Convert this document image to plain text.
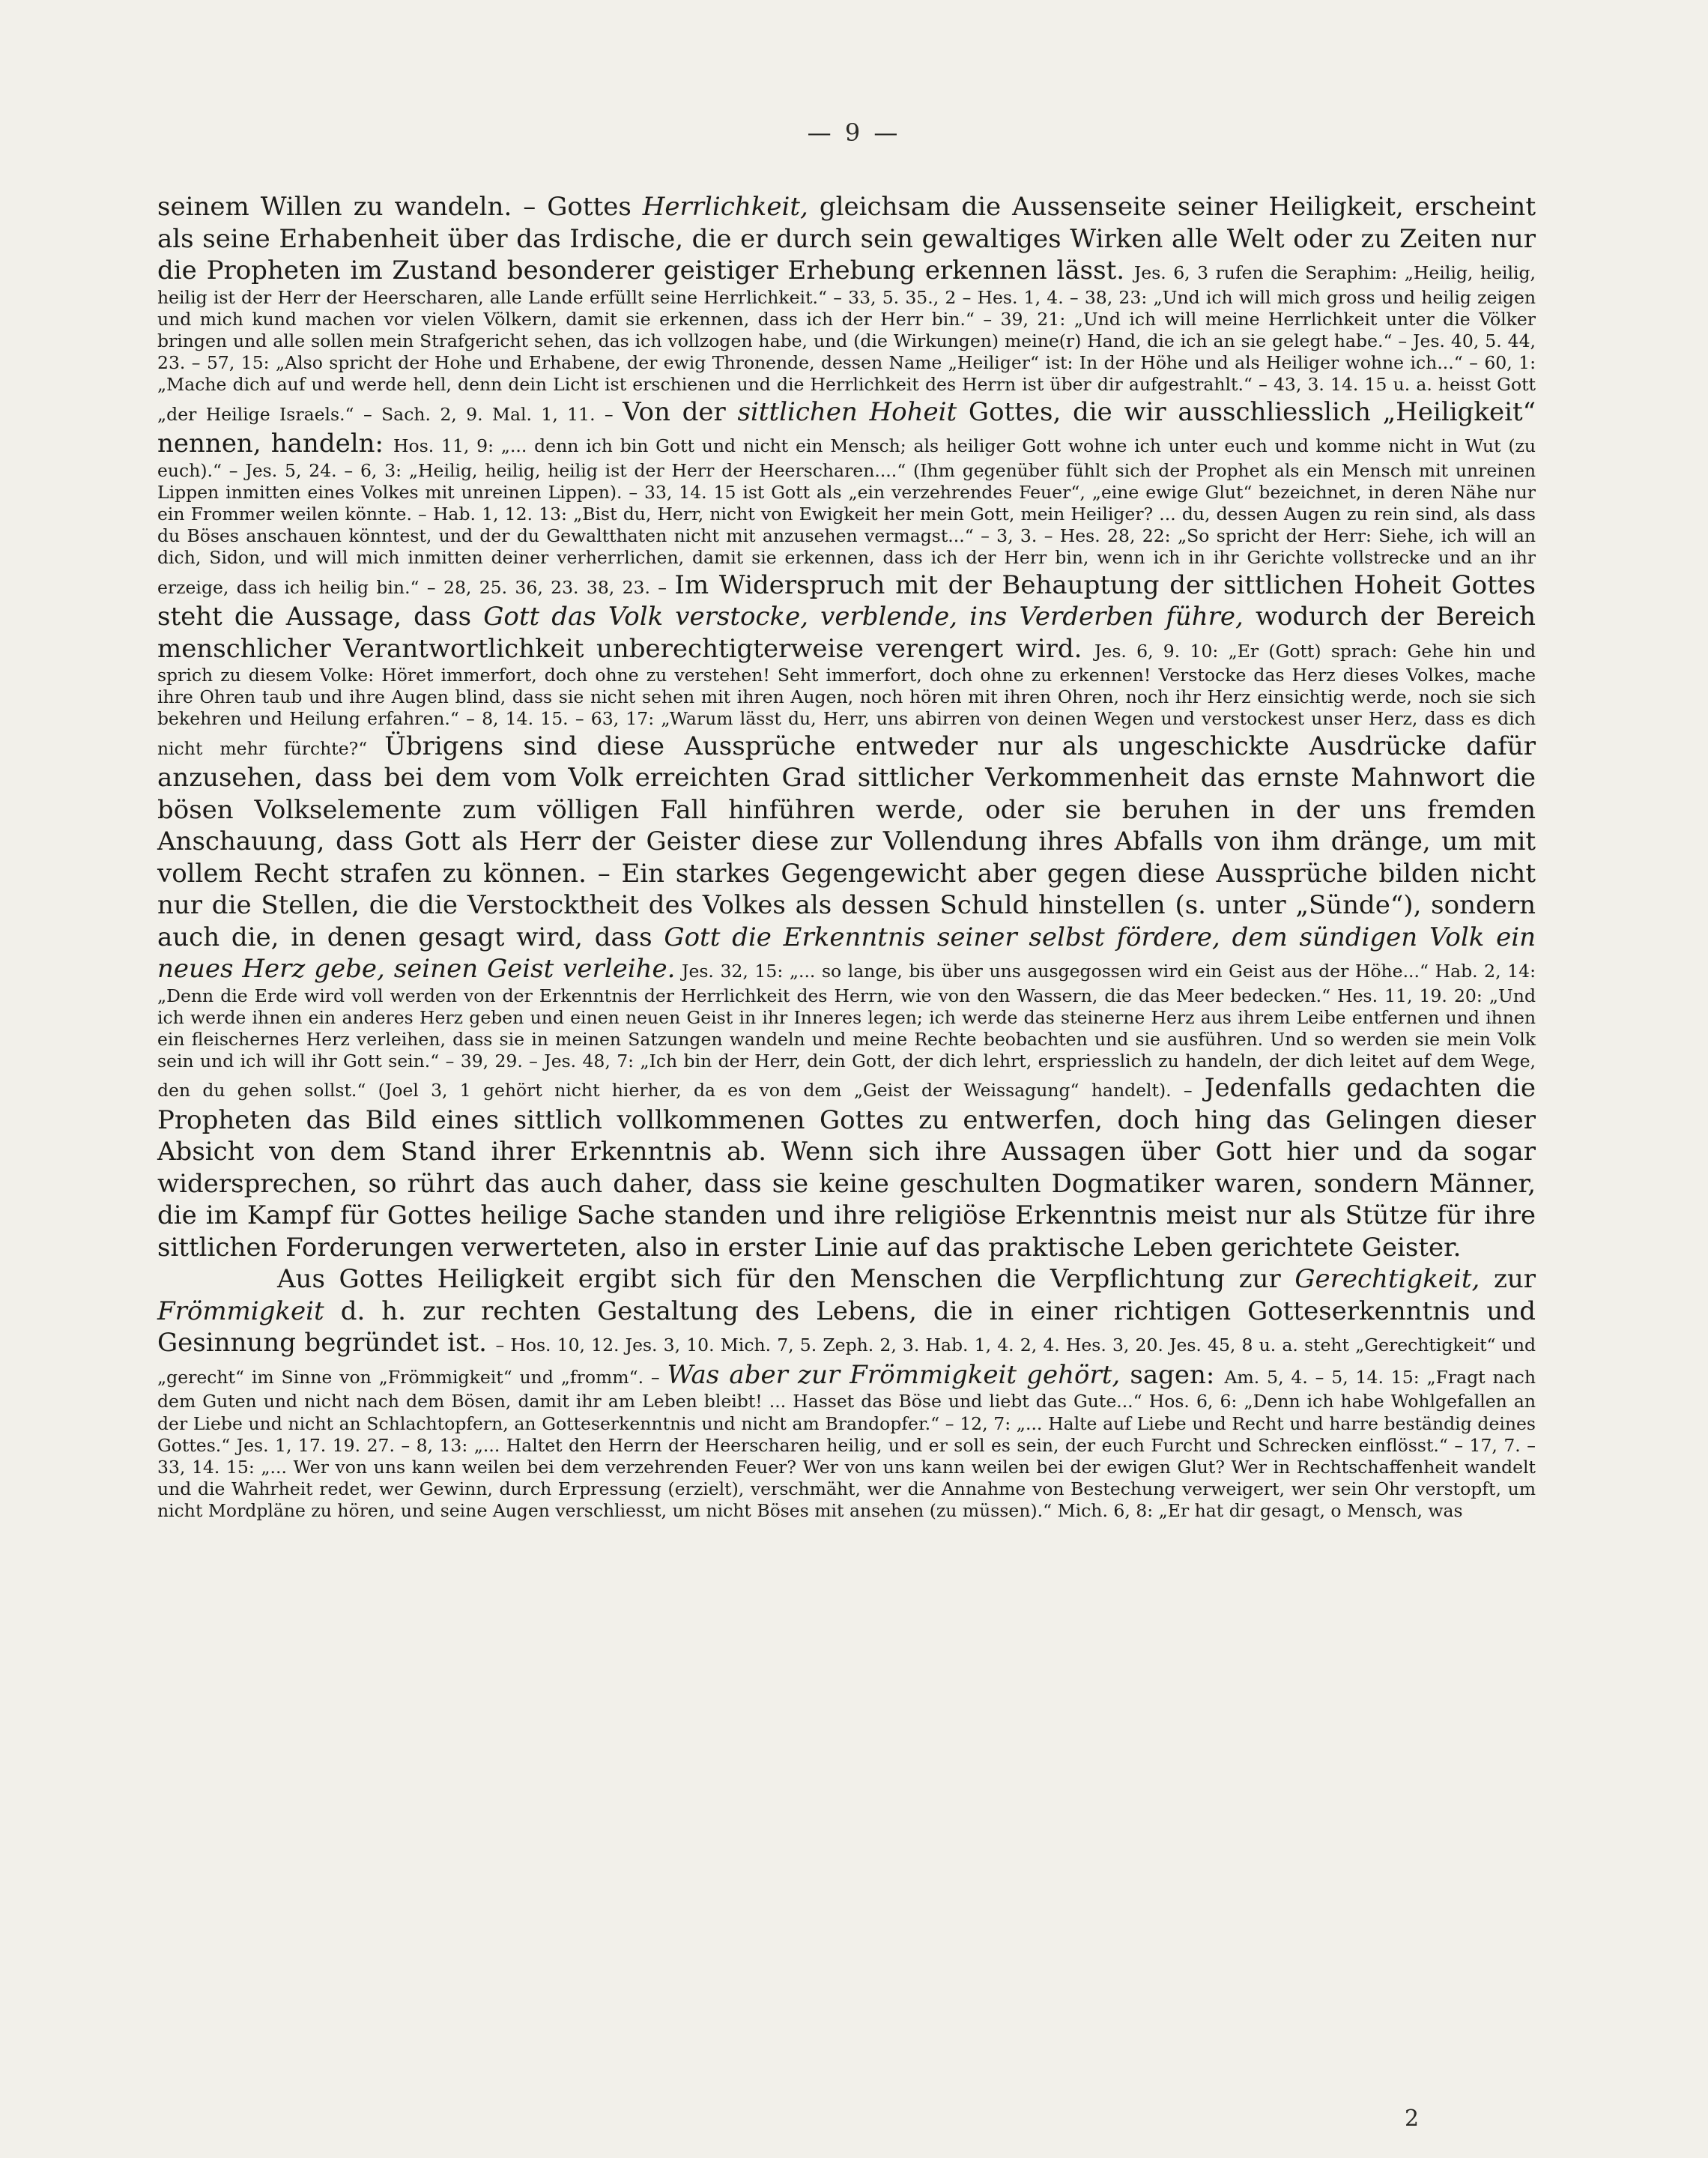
— 9 —

seinem Willen zu wandeln. – Gottes Herrlichkeit, gleichsam die Aussenseite seiner Heiligkeit, erscheint als seine Erhabenheit über das Irdische, die er durch sein gewaltiges Wirken alle Welt oder zu Zeiten nur die Propheten im Zustand besonderer geistiger Erhebung erkennen lässt. Jes. 6, 3 rufen die Seraphim: „Heilig, heilig, heilig ist der Herr der Heerscharen, alle Lande erfüllt seine Herrlichkeit.“ – 33, 5. 35., 2 – Hes. 1, 4. – 38, 23: „Und ich will mich gross und heilig zeigen und mich kund machen vor vielen Völkern, damit sie erkennen, dass ich der Herr bin.“ – 39, 21: „Und ich will meine Herrlichkeit unter die Völker bringen und alle sollen mein Strafgericht sehen, das ich vollzogen habe, und (die Wirkungen) meine(r) Hand, die ich an sie gelegt habe.“ – Jes. 40, 5. 44, 23. – 57, 15: „Also spricht der Hohe und Erhabene, der ewig Thronende, dessen Name „Heiliger“ ist: In der Höhe und als Heiliger wohne ich...“ – 60, 1: „Mache dich auf und werde hell, denn dein Licht ist erschienen und die Herrlichkeit des Herrn ist über dir aufgestrahlt.“ – 43, 3. 14. 15 u. a. heisst Gott „der Heilige Israels.“ – Sach. 2, 9. Mal. 1, 11. – Von der sittlichen Hoheit Gottes, die wir ausschliesslich „Heiligkeit“ nennen, handeln: Hos. 11, 9: „... denn ich bin Gott und nicht ein Mensch; als heiliger Gott wohne ich unter euch und komme nicht in Wut (zu euch).“ – Jes. 5, 24. – 6, 3: „Heilig, heilig, heilig ist der Herr der Heerscharen....“ (Ihm gegenüber fühlt sich der Prophet als ein Mensch mit unreinen Lippen inmitten eines Volkes mit unreinen Lippen). – 33, 14. 15 ist Gott als „ein verzehrendes Feuer“, „eine ewige Glut“ bezeichnet, in deren Nähe nur ein Frommer weilen könnte. – Hab. 1, 12. 13: „Bist du, Herr, nicht von Ewigkeit her mein Gott, mein Heiliger? ... du, dessen Augen zu rein sind, als dass du Böses anschauen könntest, und der du Gewaltthaten nicht mit anzusehen vermagst...“ – 3, 3. – Hes. 28, 22: „So spricht der Herr: Siehe, ich will an dich, Sidon, und will mich inmitten deiner verherrlichen, damit sie erkennen, dass ich der Herr bin, wenn ich in ihr Gerichte vollstrecke und an ihr erzeige, dass ich heilig bin.“ – 28, 25. 36, 23. 38, 23. – Im Widerspruch mit der Behauptung der sittlichen Hoheit Gottes steht die Aussage, dass Gott das Volk verstocke, verblende, ins Verderben führe, wodurch der Bereich menschlicher Verantwortlichkeit unberechtigterweise verengert wird. Jes. 6, 9. 10: „Er (Gott) sprach: Gehe hin und sprich zu diesem Volke: Höret immerfort, doch ohne zu verstehen! Seht immerfort, doch ohne zu erkennen! Verstocke das Herz dieses Volkes, mache ihre Ohren taub und ihre Augen blind, dass sie nicht sehen mit ihren Augen, noch hören mit ihren Ohren, noch ihr Herz einsichtig werde, noch sie sich bekehren und Heilung erfahren.“ – 8, 14. 15. – 63, 17: „Warum lässt du, Herr, uns abirren von deinen Wegen und verstockest unser Herz, dass es dich nicht mehr fürchte?“ Übrigens sind diese Aussprüche entweder nur als ungeschickte Ausdrücke dafür anzusehen, dass bei dem vom Volk erreichten Grad sittlicher Verkommenheit das ernste Mahnwort die bösen Volkselemente zum völligen Fall hinführen werde, oder sie beruhen in der uns fremden Anschauung, dass Gott als Herr der Geister diese zur Vollendung ihres Abfalls von ihm dränge, um mit vollem Recht strafen zu können. – Ein starkes Gegengewicht aber gegen diese Aussprüche bilden nicht nur die Stellen, die die Verstocktheit des Volkes als dessen Schuld hinstellen (s. unter „Sünde“), sondern auch die, in denen gesagt wird, dass Gott die Erkenntnis seiner selbst fördere, dem sündigen Volk ein neues Herz gebe, seinen Geist verleihe. Jes. 32, 15: „... so lange, bis über uns ausgegossen wird ein Geist aus der Höhe...“ Hab. 2, 14: „Denn die Erde wird voll werden von der Erkenntnis der Herrlichkeit des Herrn, wie von den Wassern, die das Meer bedecken.“ Hes. 11, 19. 20: „Und ich werde ihnen ein anderes Herz geben und einen neuen Geist in ihr Inneres legen; ich werde das steinerne Herz aus ihrem Leibe entfernen und ihnen ein fleischernes Herz verleihen, dass sie in meinen Satzungen wandeln und meine Rechte beobachten und sie ausführen. Und so werden sie mein Volk sein und ich will ihr Gott sein.“ – 39, 29. – Jes. 48, 7: „Ich bin der Herr, dein Gott, der dich lehrt, erspriesslich zu handeln, der dich leitet auf dem Wege, den du gehen sollst.“ (Joel 3, 1 gehört nicht hierher, da es von dem „Geist der Weissagung“ handelt). – Jedenfalls gedachten die Propheten das Bild eines sittlich vollkommenen Gottes zu entwerfen, doch hing das Gelingen dieser Absicht von dem Stand ihrer Erkenntnis ab. Wenn sich ihre Aussagen über Gott hier und da sogar widersprechen, so rührt das auch daher, dass sie keine geschulten Dogmatiker waren, sondern Männer, die im Kampf für Gottes heilige Sache standen und ihre religiöse Erkenntnis meist nur als Stütze für ihre sittlichen Forderungen verwerteten, also in erster Linie auf das praktische Leben gerichtete Geister.

Aus Gottes Heiligkeit ergibt sich für den Menschen die Verpflichtung zur Gerechtigkeit, zur Frömmigkeit d. h. zur rechten Gestaltung des Lebens, die in einer richtigen Gotteserkenntnis und Gesinnung begründet ist. – Hos. 10, 12. Jes. 3, 10. Mich. 7, 5. Zeph. 2, 3. Hab. 1, 4. 2, 4. Hes. 3, 20. Jes. 45, 8 u. a. steht „Gerechtigkeit“ und „gerecht“ im Sinne von „Frömmigkeit“ und „fromm“. – Was aber zur Frömmigkeit gehört, sagen: Am. 5, 4. – 5, 14. 15: „Fragt nach dem Guten und nicht nach dem Bösen, damit ihr am Leben bleibt! ... Hasset das Böse und liebt das Gute...“ Hos. 6, 6: „Denn ich habe Wohlgefallen an der Liebe und nicht an Schlachtopfern, an Gotteserkenntnis und nicht am Brandopfer.“ – 12, 7: „... Halte auf Liebe und Recht und harre beständig deines Gottes.“ Jes. 1, 17. 19. 27. – 8, 13: „... Haltet den Herrn der Heerscharen heilig, und er soll es sein, der euch Furcht und Schrecken einflösst.“ – 17, 7. – 33, 14. 15: „... Wer von uns kann weilen bei dem verzehrenden Feuer? Wer von uns kann weilen bei der ewigen Glut? Wer in Rechtschaffenheit wandelt und die Wahrheit redet, wer Gewinn, durch Erpressung (erzielt), verschmäht, wer die Annahme von Bestechung verweigert, wer sein Ohr verstopft, um nicht Mordpläne zu hören, und seine Augen verschliesst, um nicht Böses mit ansehen (zu müssen).“ Mich. 6, 8: „Er hat dir gesagt, o Mensch, was

2
